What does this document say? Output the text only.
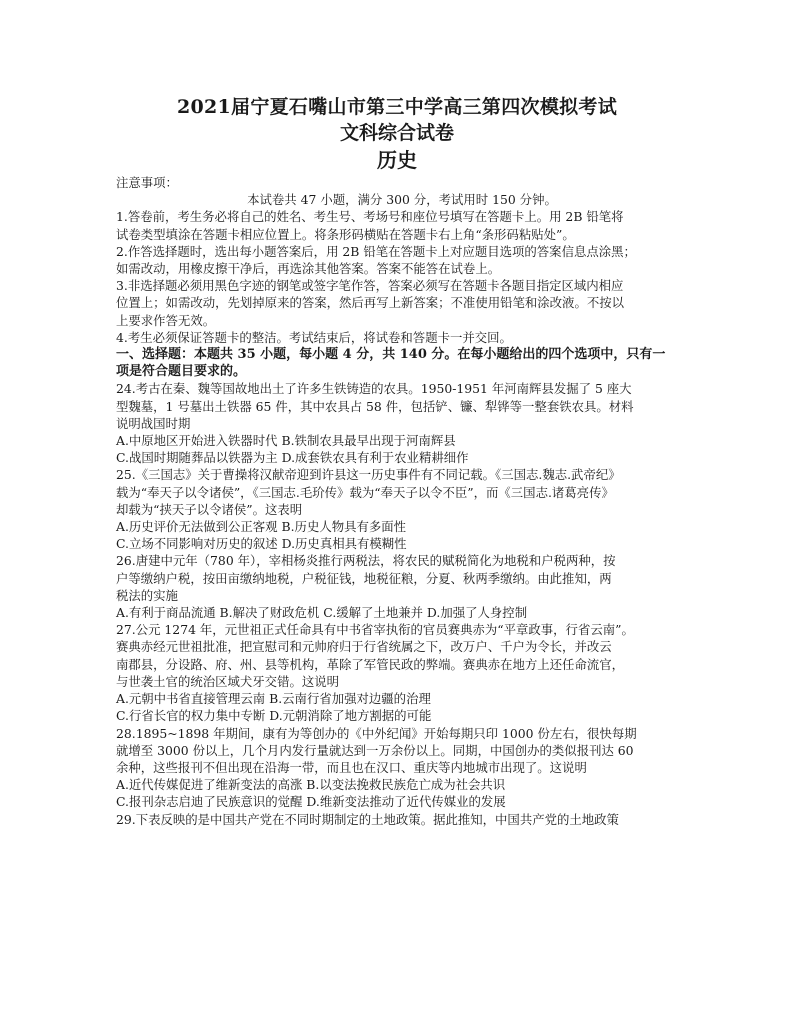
2021届宁夏石嘴山市第三中学高三第四次模拟考试
文科综合试卷
历史

注意事项：

本试卷共 47 小题，满分 300 分，考试用时 150 分钟。

1.答卷前，考生务必将自己的姓名、考生号、考场号和座位号填写在答题卡上。用 2B 铅笔将
试卷类型填涂在答题卡相应位置上。将条形码横贴在答题卡右上角“条形码粘贴处”。

2.作答选择题时，选出每小题答案后，用 2B 铅笔在答题卡上对应题目选项的答案信息点涂黑；
如需改动，用橡皮擦干净后，再选涂其他答案。答案不能答在试卷上。

3.非选择题必须用黑色字迹的钢笔或签字笔作答，答案必须写在答题卡各题目指定区域内相应
位置上；如需改动，先划掉原来的答案，然后再写上新答案；不准使用铅笔和涂改液。不按以
上要求作答无效。

4.考生必须保证答题卡的整洁。考试结束后，将试卷和答题卡一并交回。

一、选择题：本题共 35 小题，每小题 4 分，共 140 分。在每小题给出的四个选项中，只有一
项是符合题目要求的。

24.考古在秦、魏等国故地出土了许多生铁铸造的农具。1950-1951 年河南辉县发掘了 5 座大
型魏墓，1 号墓出土铁器 65 件，其中农具占 58 件，包括铲、镰、犁铧等一整套铁农具。材料
说明战国时期

A.中原地区开始进入铁器时代 B.铁制农具最早出现于河南辉县

C.战国时期随葬品以铁器为主 D.成套铁农具有利于农业精耕细作

25.《三国志》关于曹操将汉献帝迎到许县这一历史事件有不同记载。《三国志.魏志.武帝纪》
载为“奉天子以令诸侯”，《三国志.毛玠传》载为“奉天子以令不臣”，而《三国志.诸葛亮传》
却载为“挟天子以令诸侯”。这表明

A.历史评价无法做到公正客观 B.历史人物具有多面性

C.立场不同影响对历史的叙述 D.历史真相具有模糊性

26.唐建中元年（780 年），宰相杨炎推行两税法，将农民的赋税简化为地税和户税两种，按
户等缴纳户税，按田亩缴纳地税，户税征钱，地税征粮，分夏、秋两季缴纳。由此推知，两
税法的实施

A.有利于商品流通 B.解决了财政危机 C.缓解了土地兼并 D.加强了人身控制

27.公元 1274 年，元世祖正式任命具有中书省宰执衔的官员赛典赤为“平章政事，行省云南”。
赛典赤经元世祖批准，把宣慰司和元帅府归于行省统属之下，改万户、千户为令长，并改云
南郡县，分设路、府、州、县等机构，革除了军管民政的弊端。赛典赤在地方上还任命流官，
与世袭土官的统治区域犬牙交错。这说明

A.元朝中书省直接管理云南 B.云南行省加强对边疆的治理

C.行省长官的权力集中专断 D.元朝消除了地方割据的可能

28.1895~1898 年期间，康有为等创办的《中外纪闻》开始每期只印 1000 份左右，很快每期
就增至 3000 份以上，几个月内发行量就达到一万余份以上。同期，中国创办的类似报刊达 60
余种，这些报刊不但出现在沿海一带，而且也在汉口、重庆等内地城市出现了。这说明

A.近代传媒促进了维新变法的高涨 B.以变法挽救民族危亡成为社会共识

C.报刊杂志启迪了民族意识的觉醒 D.维新变法推动了近代传媒业的发展

29.下表反映的是中国共产党在不同时期制定的土地政策。据此推知，中国共产党的土地政策
